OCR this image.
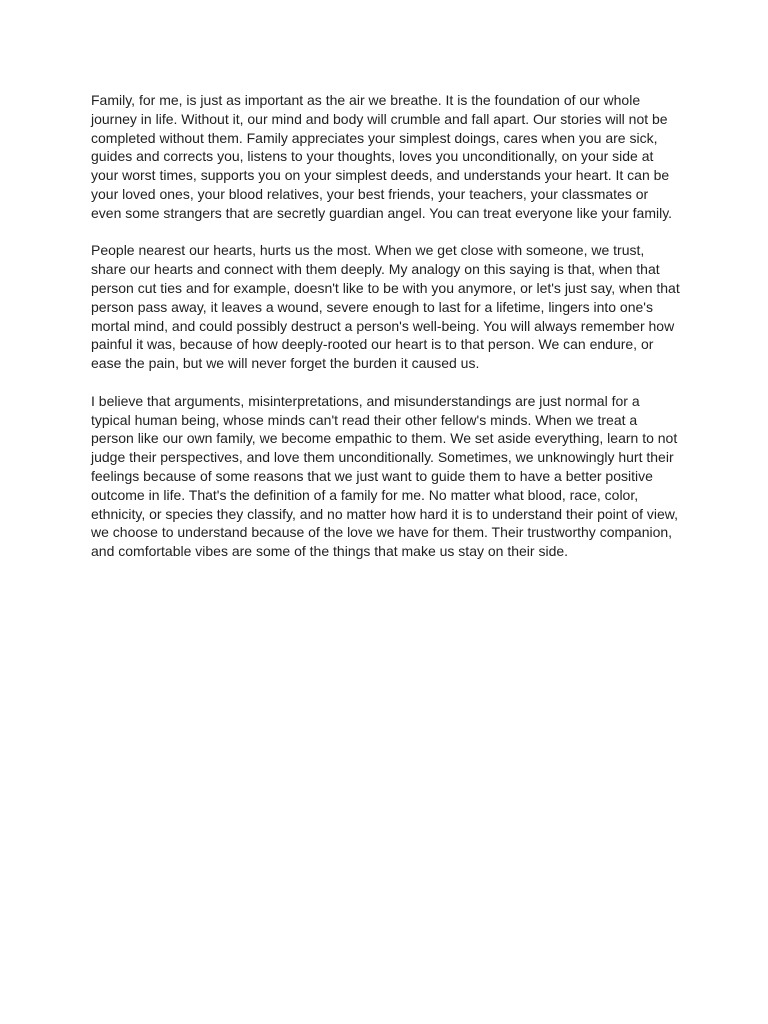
Family, for me, is just as important as the air we breathe. It is the foundation of our whole journey in life. Without it, our mind and body will crumble and fall apart. Our stories will not be completed without them. Family appreciates your simplest doings, cares when you are sick, guides and corrects you, listens to your thoughts, loves you unconditionally, on your side at your worst times, supports you on your simplest deeds, and understands your heart. It can be your loved ones, your blood relatives, your best friends, your teachers, your classmates or even some strangers that are secretly guardian angel. You can treat everyone like your family.

People nearest our hearts, hurts us the most. When we get close with someone, we trust, share our hearts and connect with them deeply. My analogy on this saying is that, when that person cut ties and for example, doesn't like to be with you anymore, or let's just say, when that person pass away, it leaves a wound, severe enough to last for a lifetime, lingers into one's mortal mind, and could possibly destruct a person's well-being. You will always remember how painful it was, because of how deeply-rooted our heart is to that person. We can endure, or ease the pain, but we will never forget the burden it caused us.

I believe that arguments, misinterpretations, and misunderstandings are just normal for a typical human being, whose minds can't read their other fellow's minds. When we treat a person like our own family, we become empathic to them. We set aside everything, learn to not judge their perspectives, and love them unconditionally. Sometimes, we unknowingly hurt their feelings because of some reasons that we just want to guide them to have a better positive outcome in life. That's the definition of a family for me. No matter what blood, race, color, ethnicity, or species they classify, and no matter how hard it is to understand their point of view, we choose to understand because of the love we have for them. Their trustworthy companion, and comfortable vibes are some of the things that make us stay on their side.
